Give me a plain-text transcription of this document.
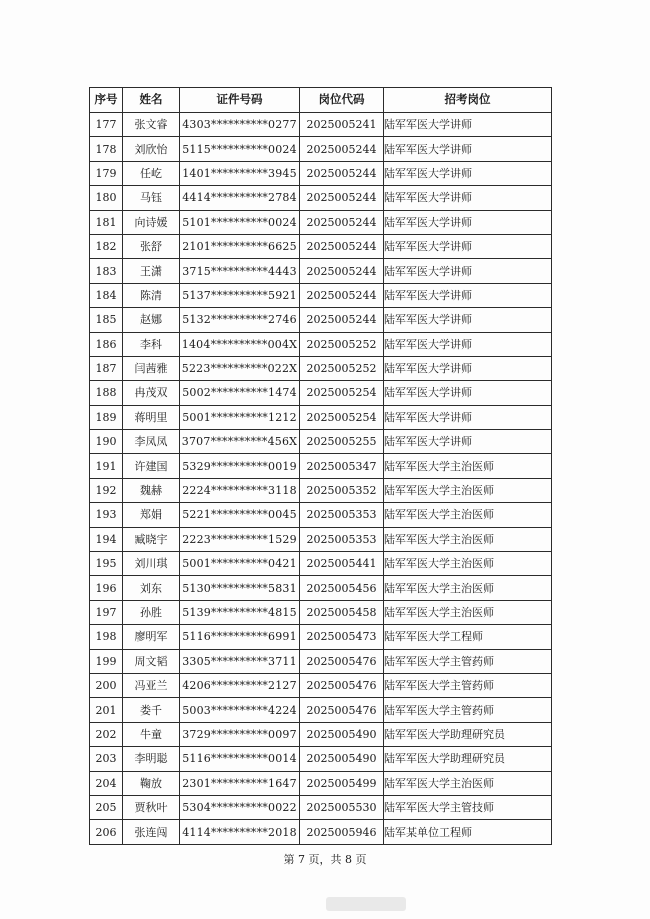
序号	姓名	证件号码	岗位代码	招考岗位
177	张文睿	4303**********0277	2025005241	陆军军医大学讲师
178	刘欣怡	5115**********0024	2025005244	陆军军医大学讲师
179	任屹	1401**********3945	2025005244	陆军军医大学讲师
180	马钰	4414**********2784	2025005244	陆军军医大学讲师
181	向诗媛	5101**********0024	2025005244	陆军军医大学讲师
182	张舒	2101**********6625	2025005244	陆军军医大学讲师
183	王潇	3715**********4443	2025005244	陆军军医大学讲师
184	陈清	5137**********5921	2025005244	陆军军医大学讲师
185	赵娜	5132**********2746	2025005244	陆军军医大学讲师
186	李科	1404**********004X	2025005252	陆军军医大学讲师
187	闫茜雅	5223**********022X	2025005252	陆军军医大学讲师
188	冉茂双	5002**********1474	2025005254	陆军军医大学讲师
189	蒋明里	5001**********1212	2025005254	陆军军医大学讲师
190	李凤凤	3707**********456X	2025005255	陆军军医大学讲师
191	许建国	5329**********0019	2025005347	陆军军医大学主治医师
192	魏赫	2224**********3118	2025005352	陆军军医大学主治医师
193	郑娟	5221**********0045	2025005353	陆军军医大学主治医师
194	臧晓宇	2223**********1529	2025005353	陆军军医大学主治医师
195	刘川琪	5001**********0421	2025005441	陆军军医大学主治医师
196	刘东	5130**********5831	2025005456	陆军军医大学主治医师
197	孙胜	5139**********4815	2025005458	陆军军医大学主治医师
198	廖明军	5116**********6991	2025005473	陆军军医大学工程师
199	周文韬	3305**********3711	2025005476	陆军军医大学主管药师
200	冯亚兰	4206**********2127	2025005476	陆军军医大学主管药师
201	娄千	5003**********4224	2025005476	陆军军医大学主管药师
202	牛童	3729**********0097	2025005490	陆军军医大学助理研究员
203	李明聪	5116**********0014	2025005490	陆军军医大学助理研究员
204	鞠放	2301**********1647	2025005499	陆军军医大学主治医师
205	贾秋叶	5304**********0022	2025005530	陆军军医大学主管技师
206	张连闯	4114**********2018	2025005946	陆军某单位工程师
第 7 页，共 8 页
